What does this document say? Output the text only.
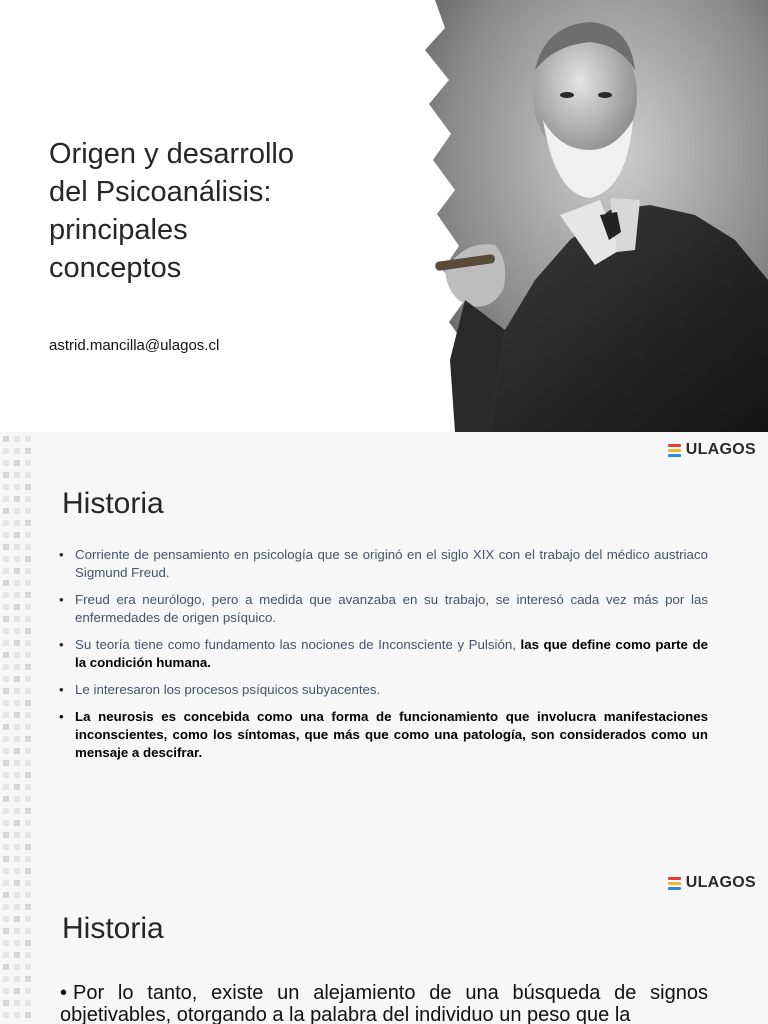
Origen y desarrollo
del Psicoanálisis:
principales
conceptos
astrid.mancilla@ulagos.cl
ULAGOS
Historia
• Corriente de pensamiento en psicología que se originó en el siglo XIX con el trabajo del médico austriaco Sigmund Freud.
• Freud era neurólogo, pero a medida que avanzaba en su trabajo, se interesó cada vez más por las enfermedades de origen psíquico.
• Su teoría tiene como fundamento las nociones de Inconsciente y Pulsión, las que define como parte de la condición humana.
• Le interesaron los procesos psíquicos subyacentes.
• La neurosis es concebida como una forma de funcionamiento que involucra manifestaciones inconscientes, como los síntomas, que más que como una patología, son considerados como un mensaje a descifrar.
ULAGOS
Historia
• Por lo tanto, existe un alejamiento de una búsqueda de signos objetivables, otorgando a la palabra del individuo un peso que la
